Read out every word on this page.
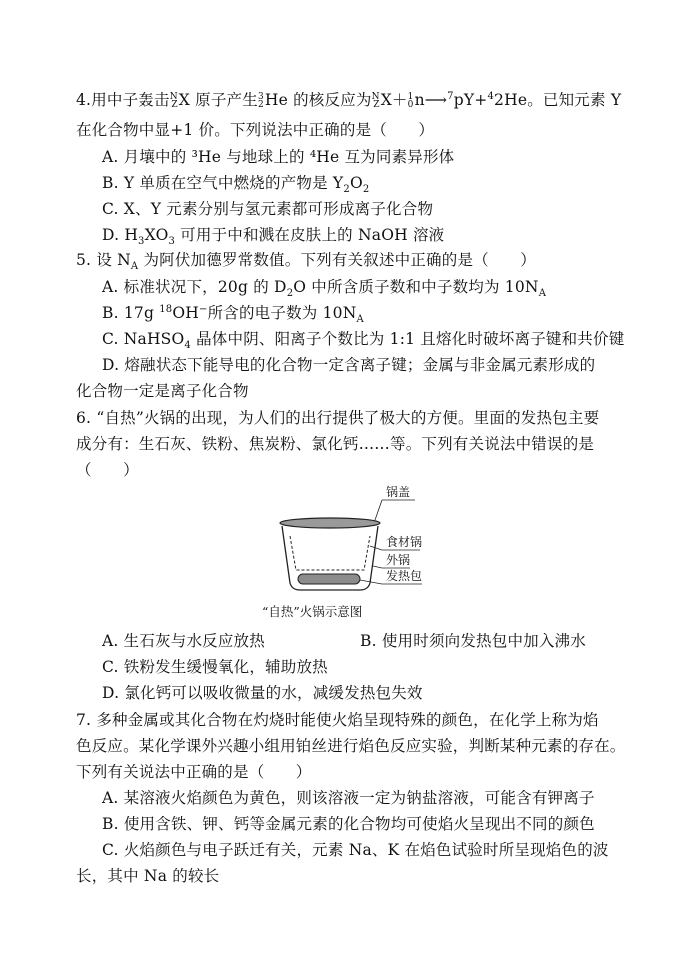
4.用中子轰击 N
Z X 原子产生 3
2 He 的核反应为 N
Z X＋ 1
0 n⟶$^7$pY+$^4$2He。已知元素 Y
在化合物中显+1 价。下列说法中正确的是（　　）
A. 月壤中的 ³He 与地球上的 ⁴He 互为同素异形体
B. Y 单质在空气中燃烧的产物是 $Y_2O_2$
C. X、Y 元素分别与氢元素都可形成离子化合物
D. $H_3XO_3$ 可用于中和溅在皮肤上的 NaOH 溶液
5. 设 $N_A$ 为阿伏加德罗常数值。下列有关叙述中正确的是（　　）
A. 标准状况下，20g 的 $D_2O$ 中所含质子数和中子数均为 $10N_A$
B. 17g $^{18}$OH−所含的电子数为 $10N_A$
C. NaHSO$_4$ 晶体中阴、阳离子个数比为 1:1 且熔化时破坏离子键和共价键
D. 熔融状态下能导电的化合物一定含离子键；金属与非金属元素形成的
化合物一定是离子化合物
6. “自热”火锅的出现，为人们的出行提供了极大的方便。里面的发热包主要
成分有：生石灰、铁粉、焦炭粉、氯化钙……等。下列有关说法中错误的是
（　　）
锅盖
食材锅
外锅
发热包
“自热”火锅示意图
A. 生石灰与水反应放热	B. 使用时须向发热包中加入沸水
C. 铁粉发生缓慢氧化，辅助放热
D. 氯化钙可以吸收微量的水，减缓发热包失效
7. 多种金属或其化合物在灼烧时能使火焰呈现特殊的颜色，在化学上称为焰
色反应。某化学课外兴趣小组用铂丝进行焰色反应实验，判断某种元素的存在。
下列有关说法中正确的是（　　）
A. 某溶液火焰颜色为黄色，则该溶液一定为钠盐溶液，可能含有钾离子
B. 使用含铁、钾、钙等金属元素的化合物均可使焰火呈现出不同的颜色
C. 火焰颜色与电子跃迁有关，元素 Na、K 在焰色试验时所呈现焰色的波
长，其中 Na 的较长
